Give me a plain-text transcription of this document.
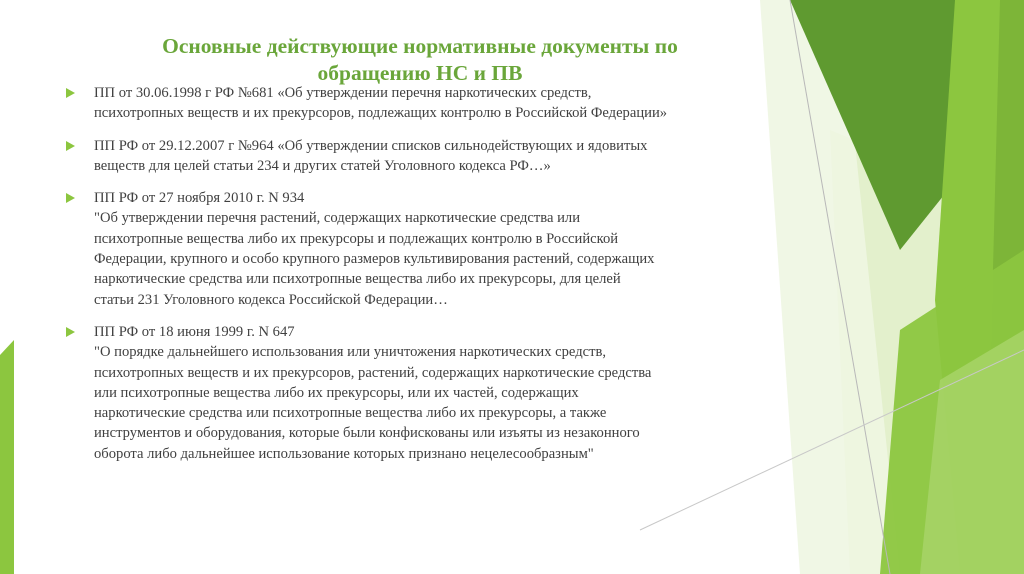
Основные действующие нормативные документы по
обращению НС и ПВ
ПП от 30.06.1998 г РФ №681 «Об утверждении перечня наркотических средств,
психотропных веществ и их прекурсоров, подлежащих контролю в Российской Федерации»
ПП РФ от 29.12.2007 г №964 «Об утверждении списков сильнодействующих и ядовитых
веществ для целей статьи 234 и других статей Уголовного кодекса РФ…»
ПП РФ от 27 ноября 2010 г. N 934
"Об утверждении перечня растений, содержащих наркотические средства или
психотропные вещества либо их прекурсоры и подлежащих контролю в Российской
Федерации, крупного и особо крупного размеров культивирования растений, содержащих
наркотические средства или психотропные вещества либо их прекурсоры, для целей
статьи 231 Уголовного кодекса Российской Федерации…
ПП РФ от 18 июня 1999 г. N 647
"О порядке дальнейшего использования или уничтожения наркотических средств,
психотропных веществ и их прекурсоров, растений, содержащих наркотические средства
или психотропные вещества либо их прекурсоры, или их частей, содержащих
наркотические средства или психотропные вещества либо их прекурсоры, а также
инструментов и оборудования, которые были конфискованы или изъяты из незаконного
оборота либо дальнейшее использование которых признано нецелесообразным"
